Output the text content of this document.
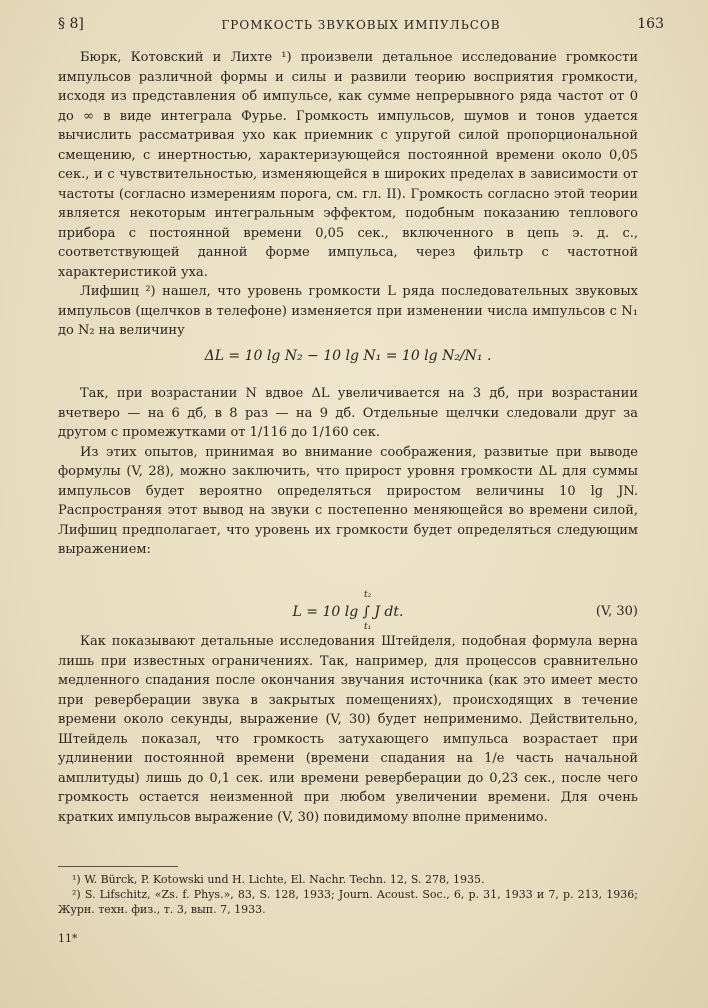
§ 8]	ГРОМКОСТЬ ЗВУКОВЫХ ИМПУЛЬСОВ	163

Бюрк, Котовский и Лихте ¹) произвели детальное исследование громкости импульсов различной формы и силы и развили теорию восприятия громкости, исходя из представления об импульсе, как сумме непрерывного ряда частот от 0 до ∞ в виде интеграла Фурье. Громкость импульсов, шумов и тонов удается вычислить рассматривая ухо как приемник с упругой силой пропорциональной смещению, с инертностью, характеризующейся постоянной времени около 0,05 сек., и с чувствительностью, изменяющейся в широких пределах в зависимости от частоты (согласно измерениям порога, см. гл. II). Громкость согласно этой теории является некоторым интегральным эффектом, подобным показанию теплового прибора с постоянной времени 0,05 сек., включенного в цепь э. д. с., соответствующей данной форме импульса, через фильтр с частотной характеристикой уха.

Лифшиц ²) нашел, что уровень громкости L ряда последовательных звуковых импульсов (щелчков в телефоне) изменяется при изменении числа импульсов с N₁ до N₂ на величину

ΔL = 10 lg N₂ − 10 lg N₁ = 10 lg N₂/N₁ .

Так, при возрастании N вдвое ΔL увеличивается на 3 дб, при возрастании вчетверо — на 6 дб, в 8 раз — на 9 дб. Отдельные щелчки следовали друг за другом с промежутками от 1/116 до 1/160 сек.

Из этих опытов, принимая во внимание соображения, развитые при выводе формулы (V, 28), можно заключить, что прирост уровня громкости ΔL для суммы импульсов будет вероятно определяться приростом величины 10 lg JN. Распространяя этот вывод на звуки с постепенно меняющейся во времени силой, Лифшиц предполагает, что уровень их громкости будет определяться следующим выражением:

t₂
L = 10 lg ∫ J dt.
t₁
(V, 30)

Как показывают детальные исследования Штейделя, подобная формула верна лишь при известных ограничениях. Так, например, для процессов сравнительно медленного спадания после окончания звучания источника (как это имеет место при реверберации звука в закрытых помещениях), происходящих в течение времени около секунды, выражение (V, 30) будет неприменимо. Действительно, Штейдель показал, что громкость затухающего импульса возрастает при удлинении постоянной времени (времени спадания на 1/e часть начальной амплитуды) лишь до 0,1 сек. или времени реверберации до 0,23 сек., после чего громкость остается неизменной при любом увеличении времени. Для очень кратких импульсов выражение (V, 30) повидимому вполне применимо.

¹) W. Bürck, P. Kotowski und H. Lichte, El. Nachr. Techn. 12, S. 278, 1935.

²) S. Lifschitz, «Zs. f. Phys.», 83, S. 128, 1933; Journ. Acoust. Soc., 6, p. 31, 1933 и 7, p. 213, 1936; Журн. техн. физ., т. 3, вып. 7, 1933.

11*
